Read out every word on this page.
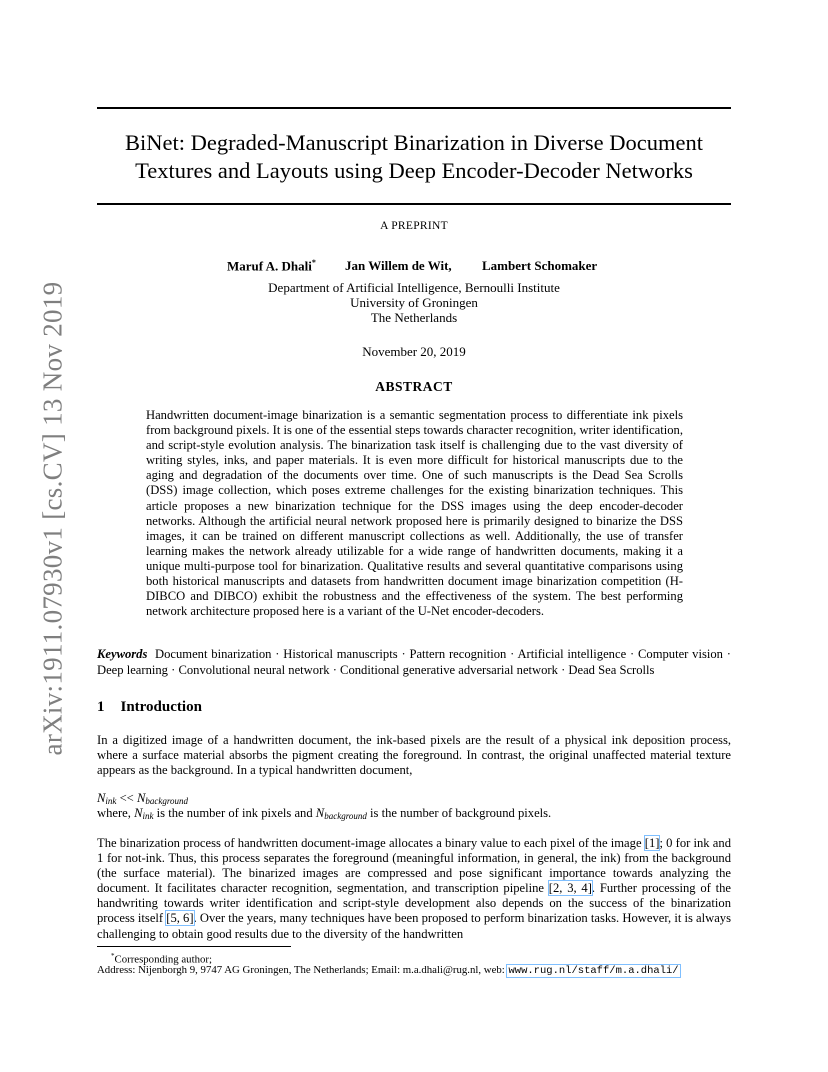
arXiv:1911.07930v1 [cs.CV] 13 Nov 2019
BiNet: Degraded-Manuscript Binarization in Diverse Document
Textures and Layouts using Deep Encoder-Decoder Networks
A PREPRINT
Maruf A. Dhali* Jan Willem de Wit, Lambert Schomaker
Department of Artificial Intelligence, Bernoulli Institute
University of Groningen
The Netherlands
November 20, 2019
ABSTRACT
Handwritten document-image binarization is a semantic segmentation process to differentiate ink pixels from background pixels. It is one of the essential steps towards character recognition, writer identification, and script-style evolution analysis. The binarization task itself is challenging due to the vast diversity of writing styles, inks, and paper materials. It is even more difficult for historical manuscripts due to the aging and degradation of the documents over time. One of such manuscripts is the Dead Sea Scrolls (DSS) image collection, which poses extreme challenges for the existing binarization techniques. This article proposes a new binarization technique for the DSS images using the deep encoder-decoder networks. Although the artificial neural network proposed here is primarily designed to binarize the DSS images, it can be trained on different manuscript collections as well. Additionally, the use of transfer learning makes the network already utilizable for a wide range of handwritten documents, making it a unique multi-purpose tool for binarization. Qualitative results and several quantitative comparisons using both historical manuscripts and datasets from handwritten document image binarization competition (H-DIBCO and DIBCO) exhibit the robustness and the effectiveness of the system. The best performing network architecture proposed here is a variant of the U-Net encoder-decoders.
Keywords Document binarization · Historical manuscripts · Pattern recognition · Artificial intelligence · Computer vision · Deep learning · Convolutional neural network · Conditional generative adversarial network · Dead Sea Scrolls
1 Introduction
In a digitized image of a handwritten document, the ink-based pixels are the result of a physical ink deposition process, where a surface material absorbs the pigment creating the foreground. In contrast, the original unaffected material texture appears as the background. In a typical handwritten document,
$N_{ink} << N_{background}$
where, $N_{ink}$ is the number of ink pixels and $N_{background}$ is the number of background pixels.
The binarization process of handwritten document-image allocates a binary value to each pixel of the image [1]; 0 for ink and 1 for not-ink. Thus, this process separates the foreground (meaningful information, in general, the ink) from the background (the surface material). The binarized images are compressed and pose significant importance towards analyzing the document. It facilitates character recognition, segmentation, and transcription pipeline [2, 3, 4]. Further processing of the handwriting towards writer identification and script-style development also depends on the success of the binarization process itself [5, 6]. Over the years, many techniques have been proposed to perform binarization tasks. However, it is always challenging to obtain good results due to the diversity of the handwritten
*Corresponding author;
Address: Nijenborgh 9, 9747 AG Groningen, The Netherlands; Email: m.a.dhali@rug.nl, web: www.rug.nl/staff/m.a.dhali/
